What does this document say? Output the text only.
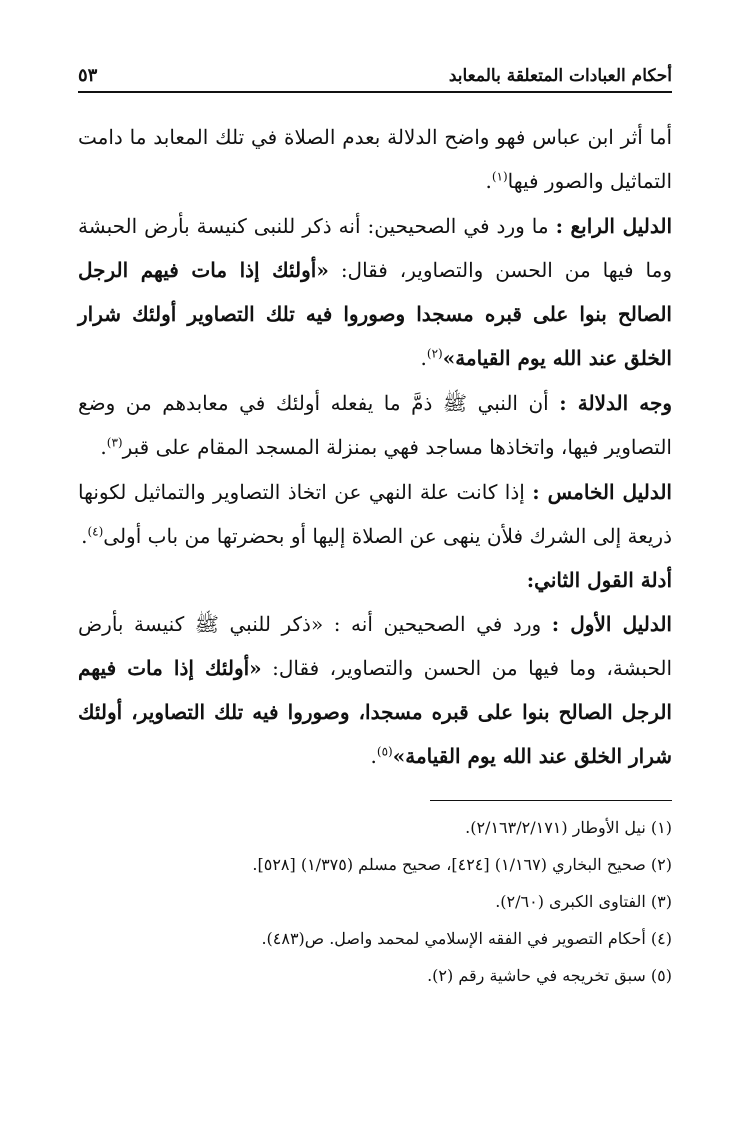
أحكام العبادات المتعلقة بالمعابد
٥٣

أما أثر ابن عباس فهو واضح الدلالة بعدم الصلاة في تلك المعابد ما دامت التماثيل والصور فيها$^{(١)}$.

الدليل الرابع : ما ورد في الصحيحين: أنه ذكر للنبى كنيسة بأرض الحبشة وما فيها من الحسن والتصاوير، فقال: «أولئك إذا مات فيهم الرجل الصالح بنوا على قبره مسجدا وصوروا فيه تلك التصاوير أولئك شرار الخلق عند الله يوم القيامة»$^{(٢)}$.

وجه الدلالة : أن النبي ﷺ ذمَّ ما يفعله أولئك في معابدهم من وضع التصاوير فيها، واتخاذها مساجد فهي بمنزلة المسجد المقام على قبر$^{(٣)}$.

الدليل الخامس : إذا كانت علة النهي عن اتخاذ التصاوير والتماثيل لكونها ذريعة إلى الشرك فلأن ينهى عن الصلاة إليها أو بحضرتها من باب أولى$^{(٤)}$.

أدلة القول الثاني:

الدليل الأول : ورد في الصحيحين أنه : «ذكر للنبي ﷺ كنيسة بأرض الحبشة، وما فيها من الحسن والتصاوير، فقال: «أولئك إذا مات فيهم الرجل الصالح بنوا على قبره مسجدا، وصوروا فيه تلك التصاوير، أولئك شرار الخلق عند الله يوم القيامة»$^{(٥)}$.

(١) نيل الأوطار (٢/١٦٣/٢/١٧١).

(٢) صحيح البخاري (١/١٦٧) [٤٢٤]، صحيح مسلم (١/٣٧٥) [٥٢٨].

(٣) الفتاوى الكبرى (٢/٦٠).

(٤) أحكام التصوير في الفقه الإسلامي لمحمد واصل. ص(٤٨٣).

(٥) سبق تخريجه في حاشية رقم (٢).
